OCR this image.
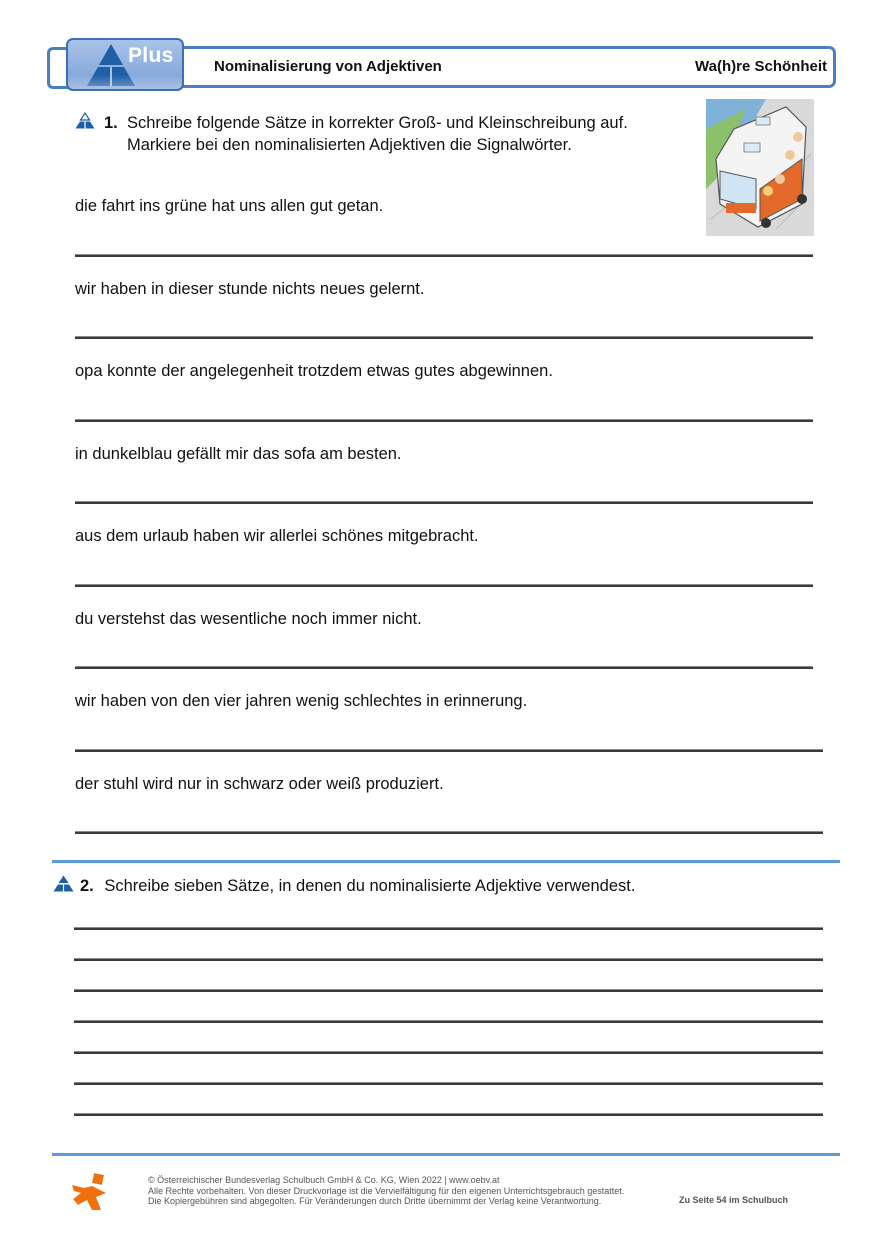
Plus	Nominalisierung von Adjektiven	Wa(h)re Schönheit
1. Schreibe folgende Sätze in korrekter Groß- und Kleinschreibung auf.
Markiere bei den nominalisierten Adjektiven die Signalwörter.
die fahrt ins grüne hat uns allen gut getan.
wir haben in dieser stunde nichts neues gelernt.
opa konnte der angelegenheit trotzdem etwas gutes abgewinnen.
in dunkelblau gefällt mir das sofa am besten.
aus dem urlaub haben wir allerlei schönes mitgebracht.
du verstehst das wesentliche noch immer nicht.
wir haben von den vier jahren wenig schlechtes in erinnerung.
der stuhl wird nur in schwarz oder weiß produziert.
2. Schreibe sieben Sätze, in denen du nominalisierte Adjektive verwendest.
© Österreichischer Bundesverlag Schulbuch GmbH & Co. KG, Wien 2022 | www.oebv.at
Alle Rechte vorbehalten. Von dieser Druckvorlage ist die Vervielfältigung für den eigenen Unterrichtsgebrauch gestattet.
Die Kopiergebühren sind abgegolten. Für Veränderungen durch Dritte übernimmt der Verlag keine Verantwortung.	Zu Seite 54 im Schulbuch
